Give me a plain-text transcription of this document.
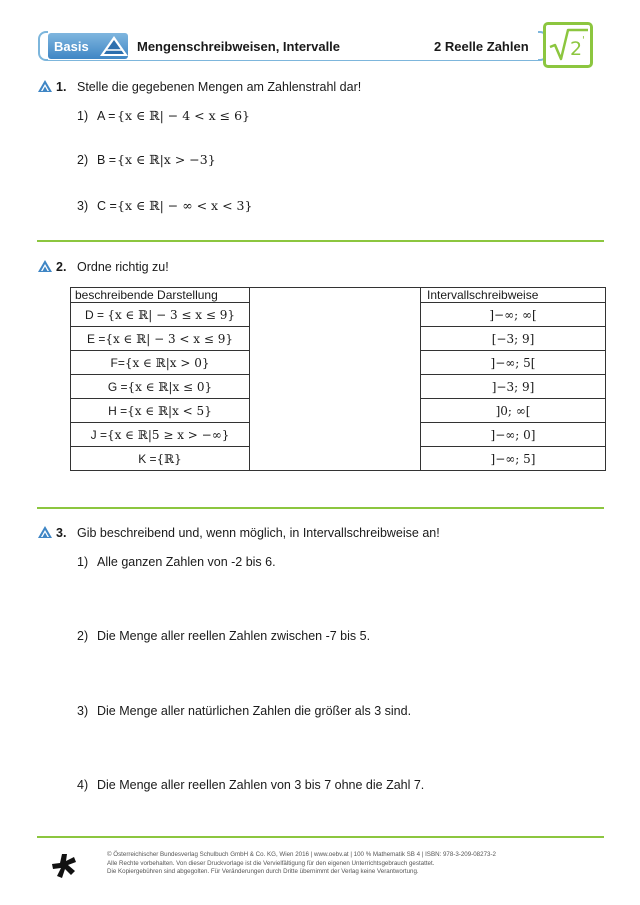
Basis	Mengenschreibweisen, Intervalle	2 Reelle Zahlen 2 '
1. Stelle die gegebenen Mengen am Zahlenstrahl dar!
1) A = {x ∈ ℝ| − 4 < x ≤ 6}
2) B = {x ∈ ℝ|x > −3}
3) C = {x ∈ ℝ| − ∞ < x < 3}
2. Ordne richtig zu!
beschreibende Darstellung		Intervallschreibweise
D = {x ∈ ℝ| − 3 ≤ x ≤ 9}		]−∞; ∞[
E ={x ∈ ℝ| − 3 < x ≤ 9}		[−3; 9]
F={x ∈ ℝ|x > 0}		]−∞; 5[
G ={x ∈ ℝ|x ≤ 0}		]−3; 9]
H ={x ∈ ℝ|x < 5}		]0; ∞[
J ={x ∈ ℝ|5 ≥ x > −∞}		]−∞; 0]
K ={ℝ}		]−∞; 5]
3. Gib beschreibend und, wenn möglich, in Intervallschreibweise an!
1) Alle ganzen Zahlen von -2 bis 6.
2) Die Menge aller reellen Zahlen zwischen -7 bis 5.
3) Die Menge aller natürlichen Zahlen die größer als 3 sind.
4) Die Menge aller reellen Zahlen von 3 bis 7 ohne die Zahl 7.
© Österreichischer Bundesverlag Schulbuch GmbH & Co. KG, Wien 2016 | www.oebv.at | 100 % Mathematik SB 4 | ISBN: 978-3-209-08273-2
Alle Rechte vorbehalten. Von dieser Druckvorlage ist die Vervielfältigung für den eigenen Unterrichtsgebrauch gestattet.
Die Kopiergebühren sind abgegolten. Für Veränderungen durch Dritte übernimmt der Verlag keine Verantwortung.
